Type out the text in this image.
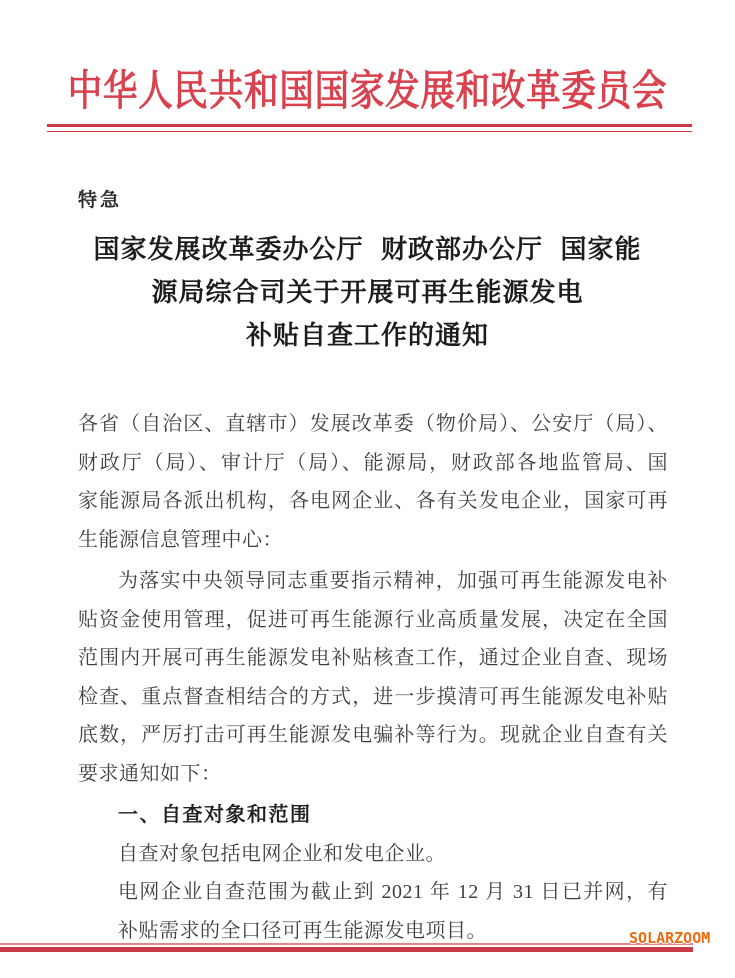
中华人民共和国国家发展和改革委员会
特急
国家发展改革委办公厅 财政部办公厅 国家能
源局综合司关于开展可再生能源发电
补贴自查工作的通知
各省（自治区、直辖市）发展改革委（物价局）、公安厅（局）、
财政厅（局）、审计厅（局）、能源局，财政部各地监管局、国
家能源局各派出机构，各电网企业、各有关发电企业，国家可再
生能源信息管理中心：
为落实中央领导同志重要指示精神，加强可再生能源发电补
贴资金使用管理，促进可再生能源行业高质量发展，决定在全国
范围内开展可再生能源发电补贴核查工作，通过企业自查、现场
检查、重点督查相结合的方式，进一步摸清可再生能源发电补贴
底数，严厉打击可再生能源发电骗补等行为。现就企业自查有关
要求通知如下：
一、自查对象和范围
自查对象包括电网企业和发电企业。
电网企业自查范围为截止到 2021 年 12 月 31 日已并网，有
补贴需求的全口径可再生能源发电项目。	SOLARZOOM
